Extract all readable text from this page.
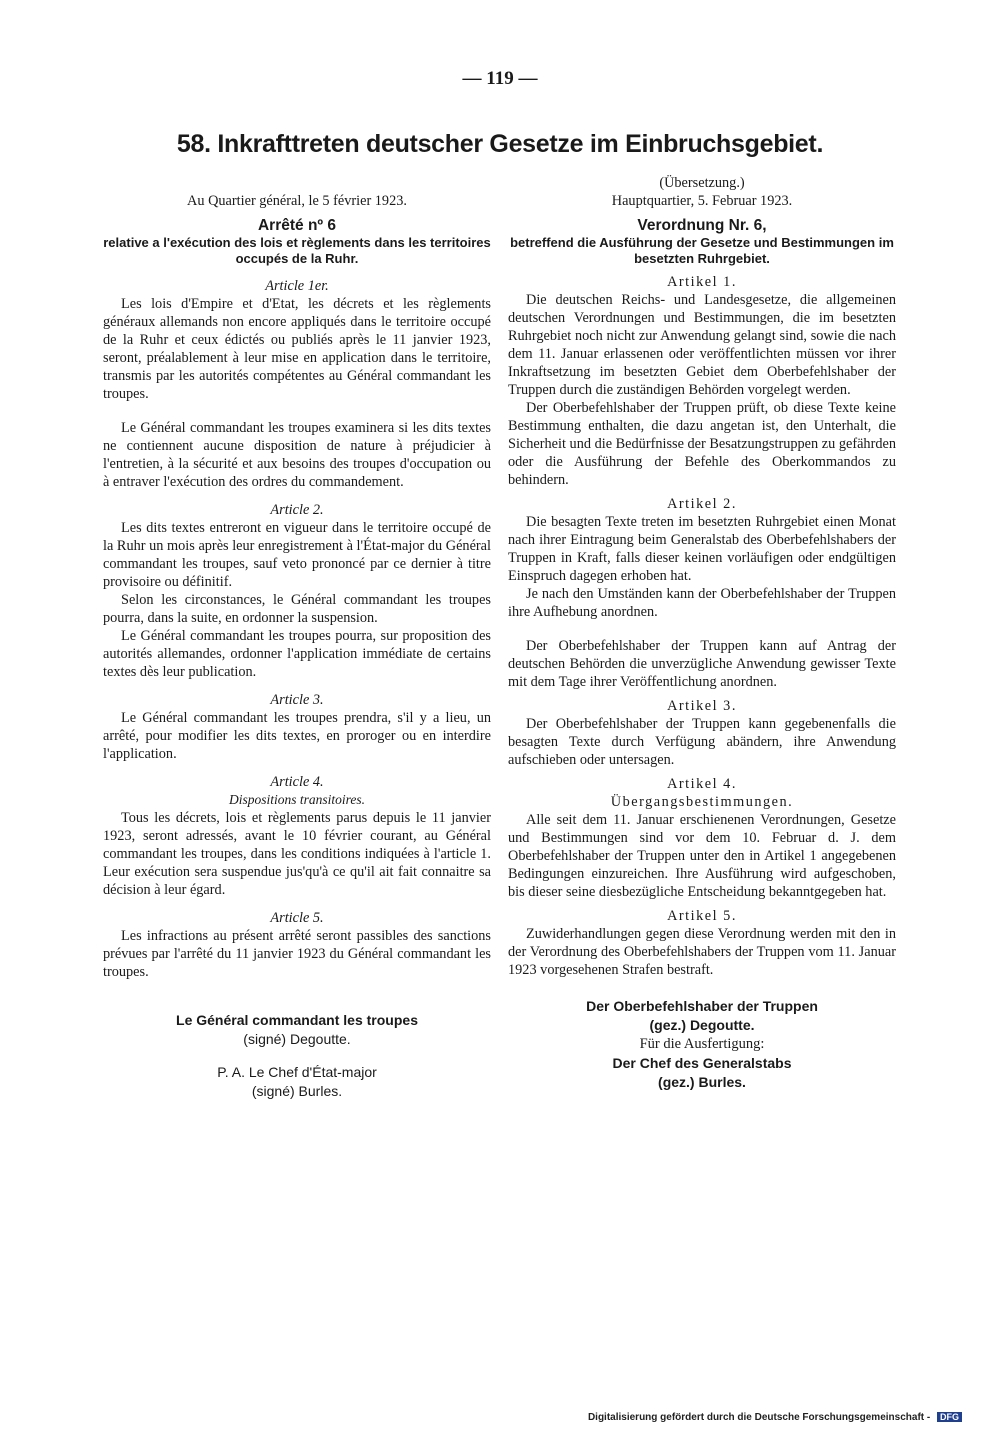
— 119 —
58. Inkrafttreten deutscher Gesetze im Einbruchsgebiet.
Au Quartier général, le 5 février 1923.
Arrêté nº 6
relative a l'exécution des lois et règlements dans les territoires occupés de la Ruhr.
Article 1er.

Les lois d'Empire et d'Etat, les décrets et les règlements généraux allemands non encore appliqués dans le territoire occupé de la Ruhr et ceux édictés ou publiés après le 11 janvier 1923, seront, préalablement à leur mise en application dans le territoire, transmis par les autorités compétentes au Général commandant les troupes.

Le Général commandant les troupes examinera si les dits textes ne contiennent aucune disposition de nature à préjudicier à l'entretien, à la sécurité et aux besoins des troupes d'occupation ou à entraver l'exécution des ordres du commandement.

Article 2.

Les dits textes entreront en vigueur dans le territoire occupé de la Ruhr un mois après leur enregistrement à l'État-major du Général commandant les troupes, sauf veto prononcé par ce dernier à titre provisoire ou définitif.

Selon les circonstances, le Général commandant les troupes pourra, dans la suite, en ordonner la suspension.

Le Général commandant les troupes pourra, sur proposition des autorités allemandes, ordonner l'application immédiate de certains textes dès leur publication.

Article 3.

Le Général commandant les troupes prendra, s'il y a lieu, un arrêté, pour modifier les dits textes, en proroger ou en interdire l'application.

Article 4.
Dispositions transitoires.

Tous les décrets, lois et règlements parus depuis le 11 janvier 1923, seront adressés, avant le 10 février courant, au Général commandant les troupes, dans les conditions indiquées à l'article 1. Leur exécution sera suspendue jus'qu'à ce qu'il ait fait connaitre sa décision à leur égard.

Article 5.

Les infractions au présent arrêté seront passibles des sanctions prévues par l'arrêté du 11 janvier 1923 du Général commandant les troupes.

Le Général commandant les troupes
(signé) Degoutte.
P. A. Le Chef d'État-major
(signé) Burles.
(Übersetzung.)
Hauptquartier, 5. Februar 1923.
Verordnung Nr. 6,
betreffend die Ausführung der Gesetze und Bestimmungen im besetzten Ruhrgebiet.
Artikel 1.

Die deutschen Reichs- und Landesgesetze, die allgemeinen deutschen Verordnungen und Bestimmungen, die im besetzten Ruhrgebiet noch nicht zur Anwendung gelangt sind, sowie die nach dem 11. Januar erlassenen oder veröffentlichten müssen vor ihrer Inkraftsetzung im besetzten Gebiet dem Oberbefehlshaber der Truppen durch die zuständigen Behörden vorgelegt werden.

Der Oberbefehlshaber der Truppen prüft, ob diese Texte keine Bestimmung enthalten, die dazu angetan ist, den Unterhalt, die Sicherheit und die Bedürfnisse der Besatzungstruppen zu gefährden oder die Ausführung der Befehle des Oberkommandos zu behindern.

Artikel 2.

Die besagten Texte treten im besetzten Ruhrgebiet einen Monat nach ihrer Eintragung beim Generalstab des Oberbefehlshabers der Truppen in Kraft, falls dieser keinen vorläufigen oder endgültigen Einspruch dagegen erhoben hat.

Je nach den Umständen kann der Oberbefehlshaber der Truppen ihre Aufhebung anordnen.

Der Oberbefehlshaber der Truppen kann auf Antrag der deutschen Behörden die unverzügliche Anwendung gewisser Texte mit dem Tage ihrer Veröffentlichung anordnen.

Artikel 3.

Der Oberbefehlshaber der Truppen kann gegebenenfalls die besagten Texte durch Verfügung abändern, ihre Anwendung aufschieben oder untersagen.

Artikel 4.
Übergangsbestimmungen.

Alle seit dem 11. Januar erschienenen Verordnungen, Gesetze und Bestimmungen sind vor dem 10. Februar d. J. dem Oberbefehlshaber der Truppen unter den in Artikel 1 angegebenen Bedingungen einzureichen. Ihre Ausführung wird aufgeschoben, bis dieser seine diesbezügliche Entscheidung bekanntgegeben hat.

Artikel 5.

Zuwiderhandlungen gegen diese Verordnung werden mit den in der Verordnung des Oberbefehlshabers der Truppen vom 11. Januar 1923 vorgesehenen Strafen bestraft.

Der Oberbefehlshaber der Truppen
(gez.) Degoutte.
Für die Ausfertigung:
Der Chef des Generalstabs
(gez.) Burles.
Digitalisierung gefördert durch die Deutsche Forschungsgemeinschaft - DFG
